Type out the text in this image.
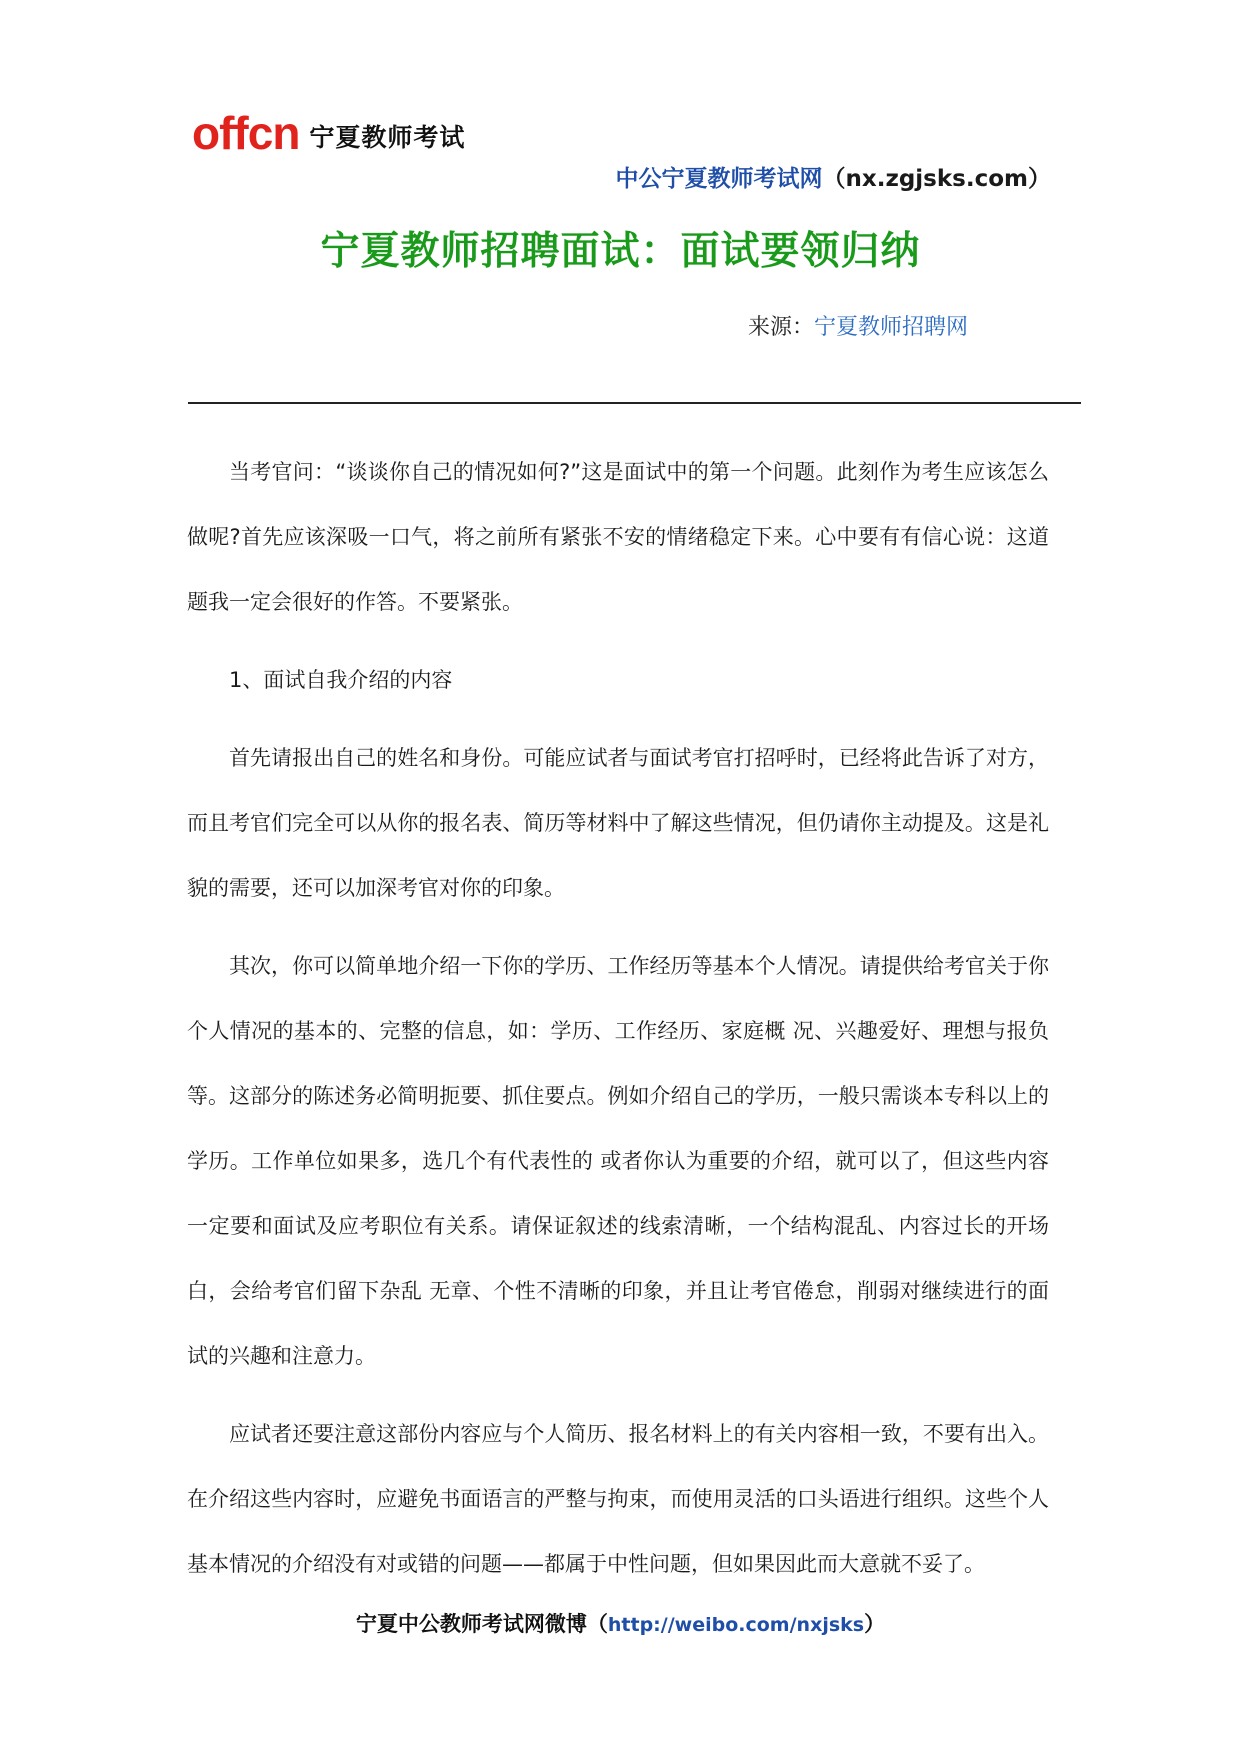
offcn 宁夏教师考试
中公宁夏教师考试网（nx.zgjsks.com）
宁夏教师招聘面试：面试要领归纳
来源：宁夏教师招聘网

当考官问：“谈谈你自己的情况如何?”这是面试中的第一个问题。此刻作为考生应该怎么做呢?首先应该深吸一口气，将之前所有紧张不安的情绪稳定下来。心中要有有信心说：这道题我一定会很好的作答。不要紧张。

1、面试自我介绍的内容

首先请报出自己的姓名和身份。可能应试者与面试考官打招呼时，已经将此告诉了对方，而且考官们完全可以从你的报名表、简历等材料中了解这些情况，但仍请你主动提及。这是礼貌的需要，还可以加深考官对你的印象。

其次，你可以简单地介绍一下你的学历、工作经历等基本个人情况。请提供给考官关于你个人情况的基本的、完整的信息，如：学历、工作经历、家庭概 况、兴趣爱好、理想与报负等。这部分的陈述务必简明扼要、抓住要点。例如介绍自己的学历，一般只需谈本专科以上的学历。工作单位如果多，选几个有代表性的 或者你认为重要的介绍，就可以了，但这些内容一定要和面试及应考职位有关系。请保证叙述的线索清晰，一个结构混乱、内容过长的开场白，会给考官们留下杂乱 无章、个性不清晰的印象，并且让考官倦怠，削弱对继续进行的面试的兴趣和注意力。

应试者还要注意这部份内容应与个人简历、报名材料上的有关内容相一致，不要有出入。在介绍这些内容时，应避免书面语言的严整与拘束，而使用灵活的口头语进行组织。这些个人基本情况的介绍没有对或错的问题——都属于中性问题，但如果因此而大意就不妥了。

宁夏中公教师考试网微博（http://weibo.com/nxjsks）
